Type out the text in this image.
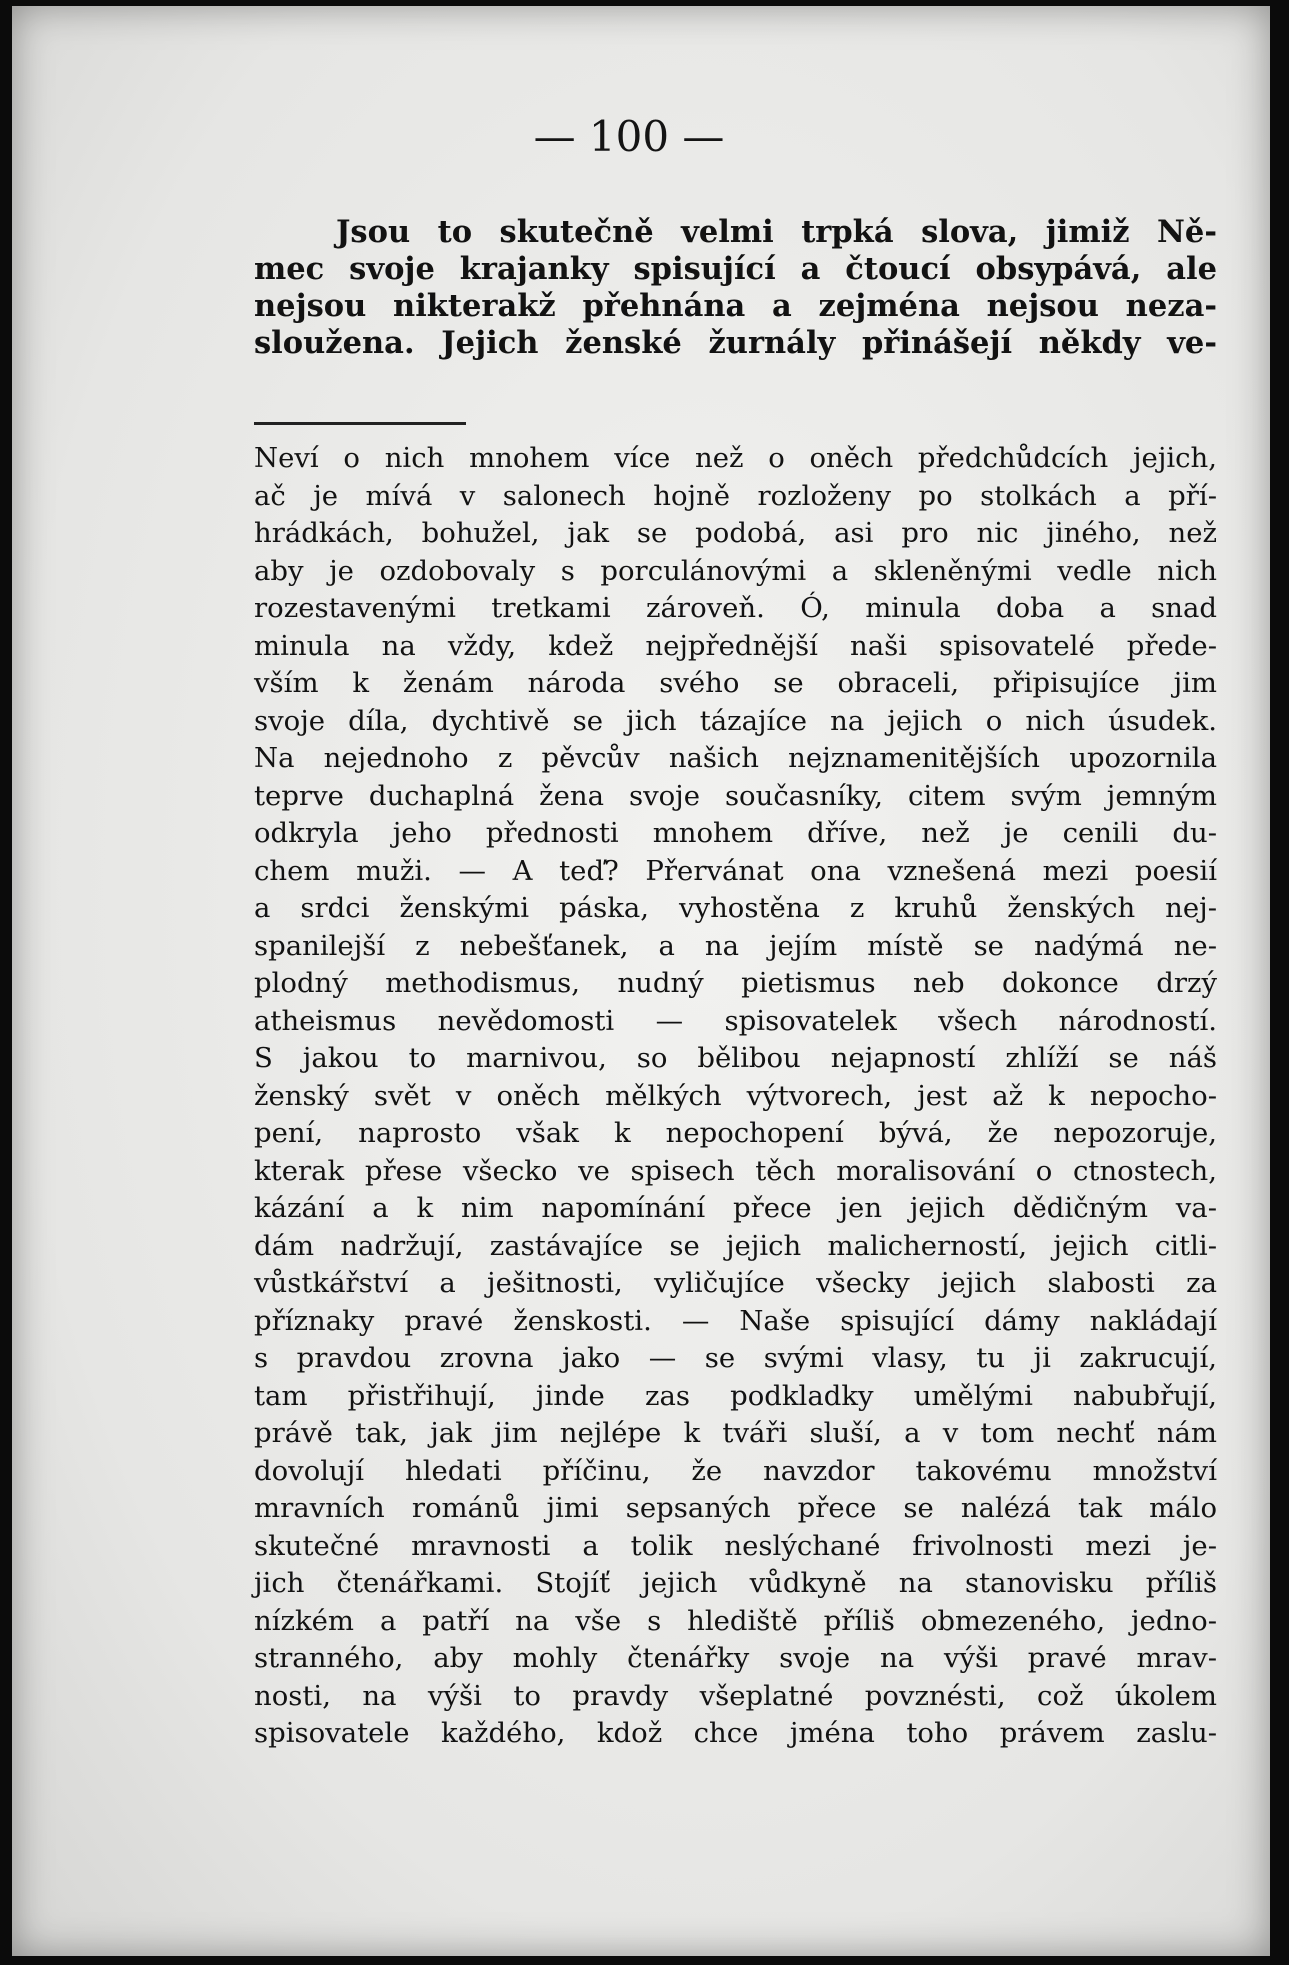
— 100 —
Jsou to skutečně velmi trpká slova, jimiž Ně-
mec svoje krajanky spisující a čtoucí obsypává, ale
nejsou nikterakž přehnána a zejména nejsou neza-
sloužena. Jejich ženské žurnály přinášejí někdy ve-
Neví o nich mnohem více než o oněch předchůdcích jejich,
ač je mívá v salonech hojně rozloženy po stolkách a pří-
hrádkách, bohužel, jak se podobá, asi pro nic jiného, než
aby je ozdobovaly s porculánovými a skleněnými vedle nich
rozestavenými tretkami zároveň. Ó, minula doba a snad
minula na vždy, kdež nejpřednější naši spisovatelé přede-
vším k ženám národa svého se obraceli, připisujíce jim
svoje díla, dychtivě se jich tázajíce na jejich o nich úsudek.
Na nejednoho z pěvcův našich nejznamenitějších upozornila
teprve duchaplná žena svoje současníky, citem svým jemným
odkryla jeho přednosti mnohem dříve, než je cenili du-
chem muži. — A teď? Přervánat ona vznešená mezi poesií
a srdci ženskými páska, vyhostěna z kruhů ženských nej-
spanilejší z nebešťanek, a na jejím místě se nadýmá ne-
plodný methodismus, nudný pietismus neb dokonce drzý
atheismus nevědomosti — spisovatelek všech národností.
S jakou to marnivou, so bělibou nejapností zhlíží se náš
ženský svět v oněch mělkých výtvorech, jest až k nepocho-
pení, naprosto však k nepochopení bývá, že nepozoruje,
kterak přese všecko ve spisech těch moralisování o ctnostech,
kázání a k nim napomínání přece jen jejich dědičným va-
dám nadržují, zastávajíce se jejich malicherností, jejich citli-
vůstkářství a ješitnosti, vyličujíce všecky jejich slabosti za
příznaky pravé ženskosti. — Naše spisující dámy nakládají
s pravdou zrovna jako — se svými vlasy, tu ji zakrucují,
tam přistřihují, jinde zas podkladky umělými nabubřují,
právě tak, jak jim nejlépe k tváři sluší, a v tom nechť nám
dovolují hledati příčinu, že navzdor takovému množství
mravních románů jimi sepsaných přece se nalézá tak málo
skutečné mravnosti a tolik neslýchané frivolnosti mezi je-
jich čtenářkami. Stojíť jejich vůdkyně na stanovisku příliš
nízkém a patří na vše s hlediště příliš obmezeného, jedno-
stranného, aby mohly čtenářky svoje na výši pravé mrav-
nosti, na výši to pravdy všeplatné povznésti, což úkolem
spisovatele každého, kdož chce jména toho právem zaslu-
